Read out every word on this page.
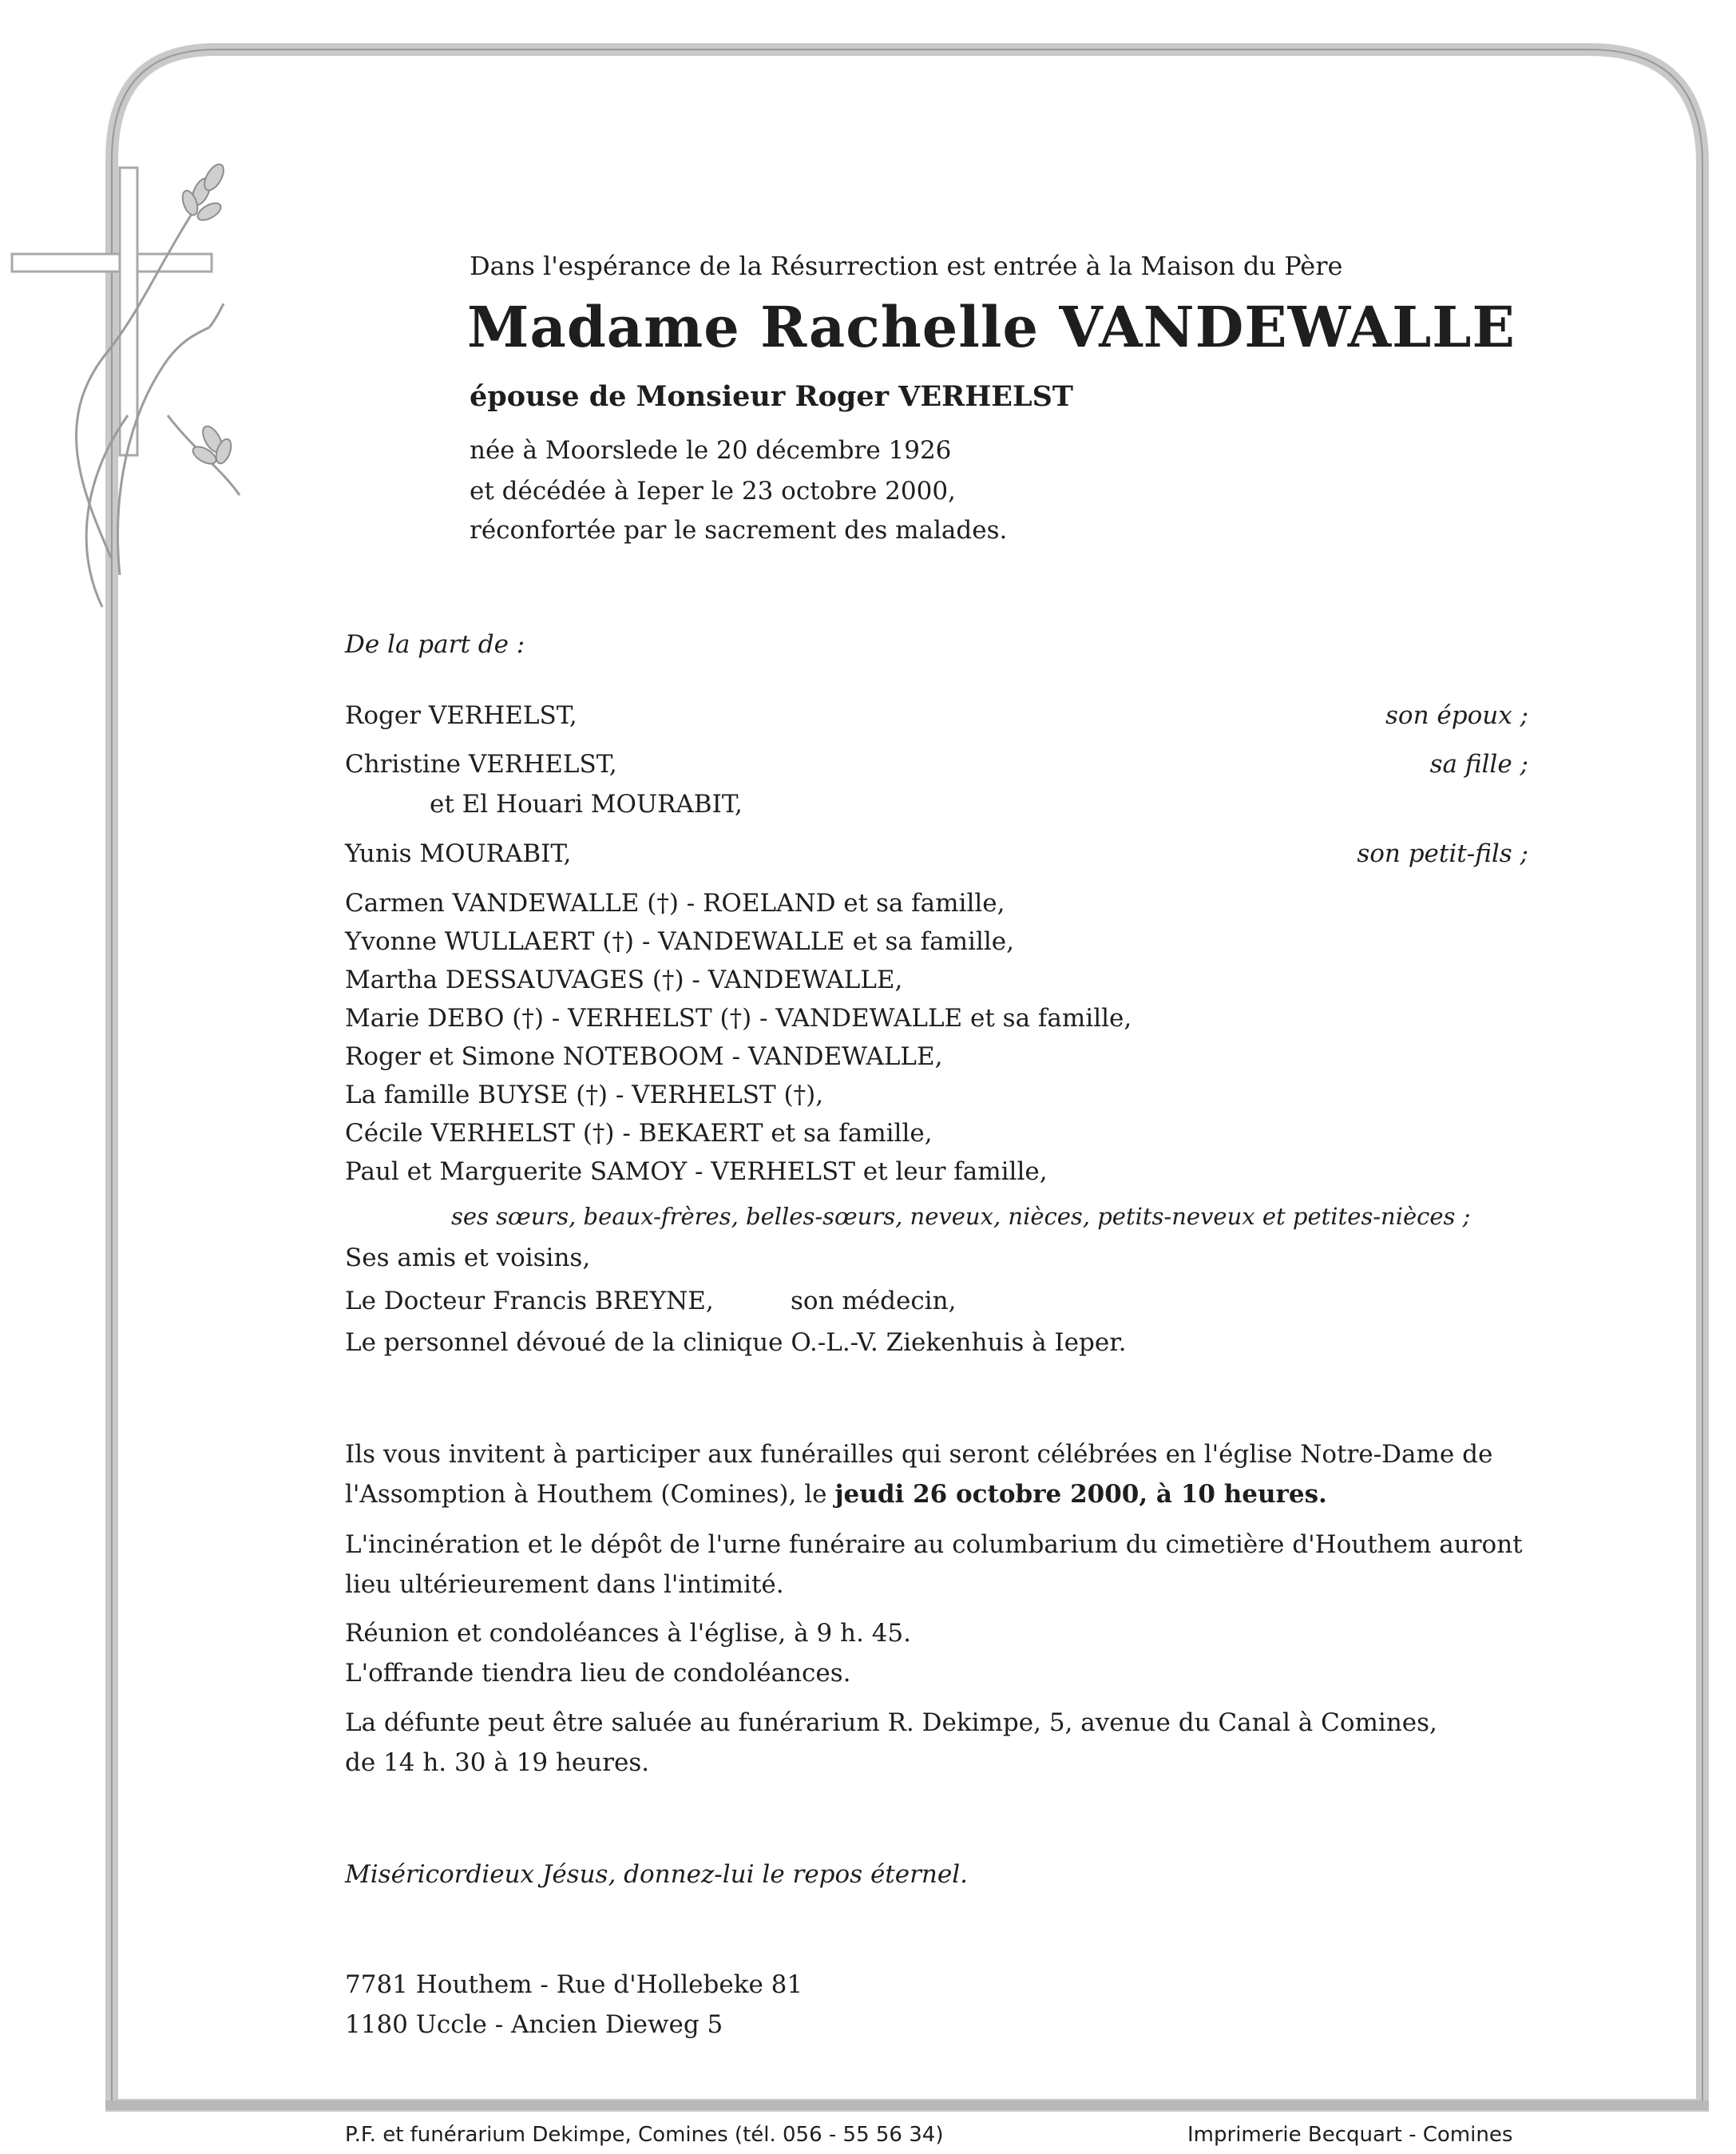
Dans l'espérance de la Résurrection est entrée à la Maison du Père
Madame Rachelle VANDEWALLE
épouse de Monsieur Roger VERHELST
née à Moorslede le 20 décembre 1926
et décédée à Ieper le 23 octobre 2000,
réconfortée par le sacrement des malades.
De la part de :
Roger VERHELST,	son époux ;
Christine VERHELST,	sa fille ;
et El Houari MOURABIT,
Yunis MOURABIT,	son petit-fils ;
Carmen VANDEWALLE (†) - ROELAND et sa famille,
Yvonne WULLAERT (†) - VANDEWALLE et sa famille,
Martha DESSAUVAGES (†) - VANDEWALLE,
Marie DEBO (†) - VERHELST (†) - VANDEWALLE et sa famille,
Roger et Simone NOTEBOOM - VANDEWALLE,
La famille BUYSE (†) - VERHELST (†),
Cécile VERHELST (†) - BEKAERT et sa famille,
Paul et Marguerite SAMOY - VERHELST et leur famille,
ses sœurs, beaux-frères, belles-sœurs, neveux, nièces, petits-neveux et petites-nièces ;
Ses amis et voisins,
Le Docteur Francis BREYNE,	son médecin,
Le personnel dévoué de la clinique O.-L.-V. Ziekenhuis à Ieper.
Ils vous invitent à participer aux funérailles qui seront célébrées en l'église Notre-Dame de
l'Assomption à Houthem (Comines), le jeudi 26 octobre 2000, à 10 heures.
L'incinération et le dépôt de l'urne funéraire au columbarium du cimetière d'Houthem auront
lieu ultérieurement dans l'intimité.
Réunion et condoléances à l'église, à 9 h. 45.
L'offrande tiendra lieu de condoléances.
La défunte peut être saluée au funérarium R. Dekimpe, 5, avenue du Canal à Comines,
de 14 h. 30 à 19 heures.
Miséricordieux Jésus, donnez-lui le repos éternel.
7781 Houthem - Rue d'Hollebeke 81
1180 Uccle - Ancien Dieweg 5
P.F. et funérarium Dekimpe, Comines (tél. 056 - 55 56 34)	Imprimerie Becquart - Comines
